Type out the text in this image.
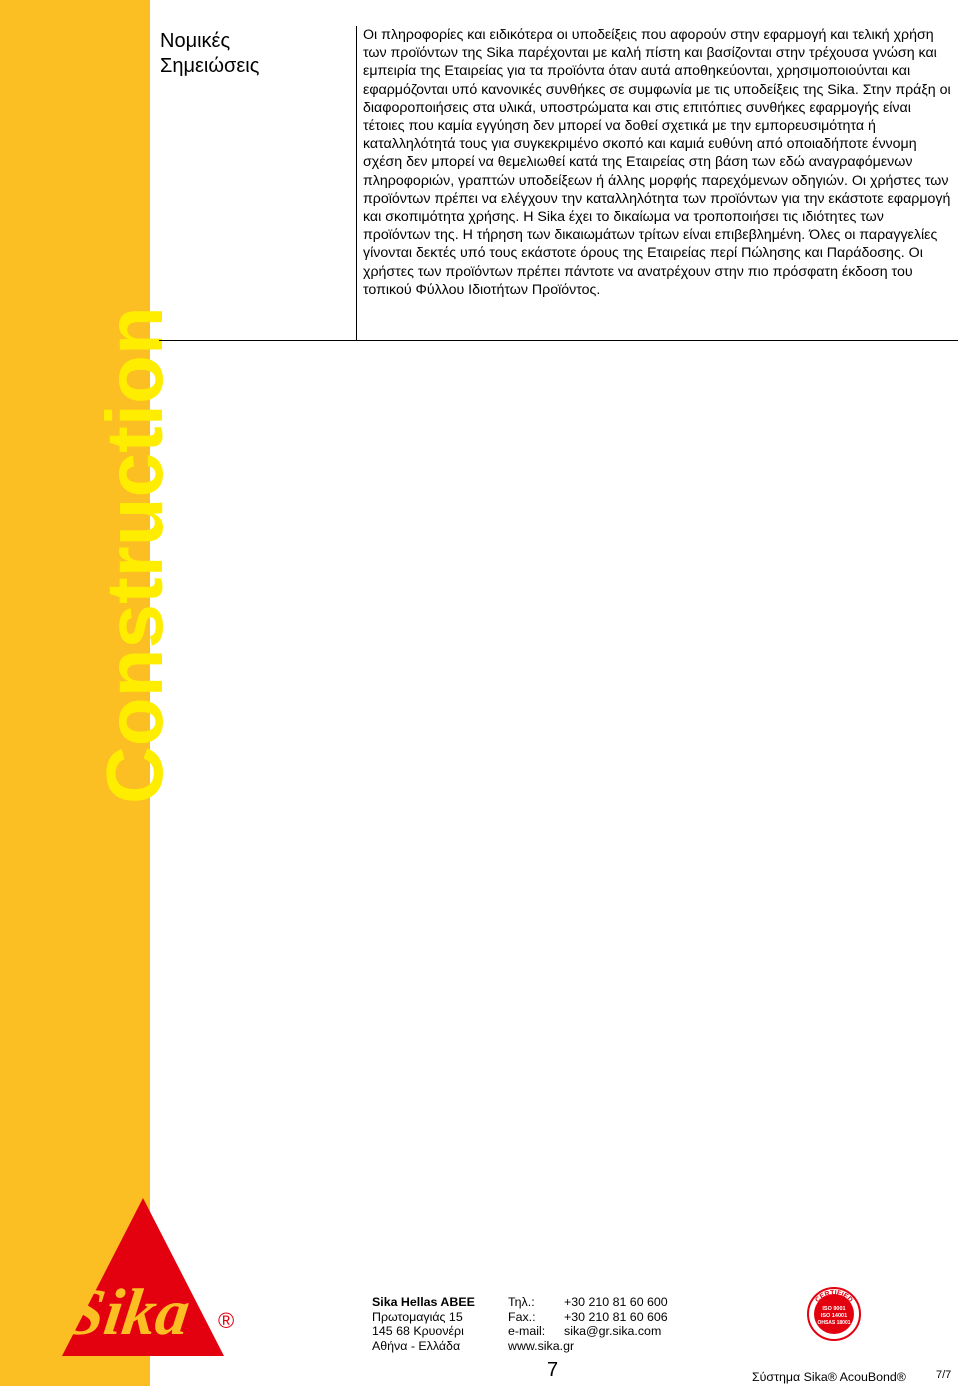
Construction
Sika ®
Νομικές
Σημειώσεις

Οι πληροφορίες και ειδικότερα οι υποδείξεις που αφορούν στην εφαρμογή και τελική χρήση των προϊόντων της Sika παρέχονται με καλή πίστη και βασίζονται στην τρέχουσα γνώση και εμπειρία της Εταιρείας για τα προϊόντα όταν αυτά αποθηκεύονται, χρησιμοποιούνται και εφαρμόζονται υπό κανονικές συνθήκες σε συμφωνία με τις υποδείξεις της Sika. Στην πράξη οι διαφοροποιήσεις στα υλικά, υποστρώματα και στις επιτόπιες συνθήκες εφαρμογής είναι τέτοιες που καμία εγγύηση δεν μπορεί να δοθεί σχετικά με την εμπορευσιμότητα ή καταλληλότητά τους για συγκεκριμένο σκοπό και καμιά ευθύνη από οποιαδήποτε έννομη σχέση δεν μπορεί να θεμελιωθεί κατά της Εταιρείας στη βάση των εδώ αναγραφόμενων πληροφοριών, γραπτών υποδείξεων ή άλλης μορφής παρεχόμενων οδηγιών. Οι χρήστες των προϊόντων πρέπει να ελέγχουν την καταλληλότητα των προϊόντων για την εκάστοτε εφαρμογή και σκοπιμότητα χρήσης. Η Sika έχει το δικαίωμα να τροποποιήσει τις ιδιότητες των προϊόντων της. Η τήρηση των δικαιωμάτων τρίτων είναι επιβεβλημένη. Όλες οι παραγγελίες γίνονται δεκτές υπό τους εκάστοτε όρους της Εταιρείας περί Πώλησης και Παράδοσης. Οι χρήστες των προϊόντων πρέπει πάντοτε να ανατρέχουν στην πιο πρόσφατη έκδοση του τοπικού Φύλλου Ιδιοτήτων Προϊόντος.

Sika Hellas ABEE
Πρωτομαγιάς 15
145 68 Κρυονέρι
Αθήνα - Ελλάδα
Τηλ.: +30 210 81 60 600
Fax.: +30 210 81 60 606
e-mail: sika@gr.sika.com
www.sika.gr
CERTIFIED
ISO 9001
ISO 14001
OHSAS 18001
7	Σύστημα Sika® AcouBond®	7/7
